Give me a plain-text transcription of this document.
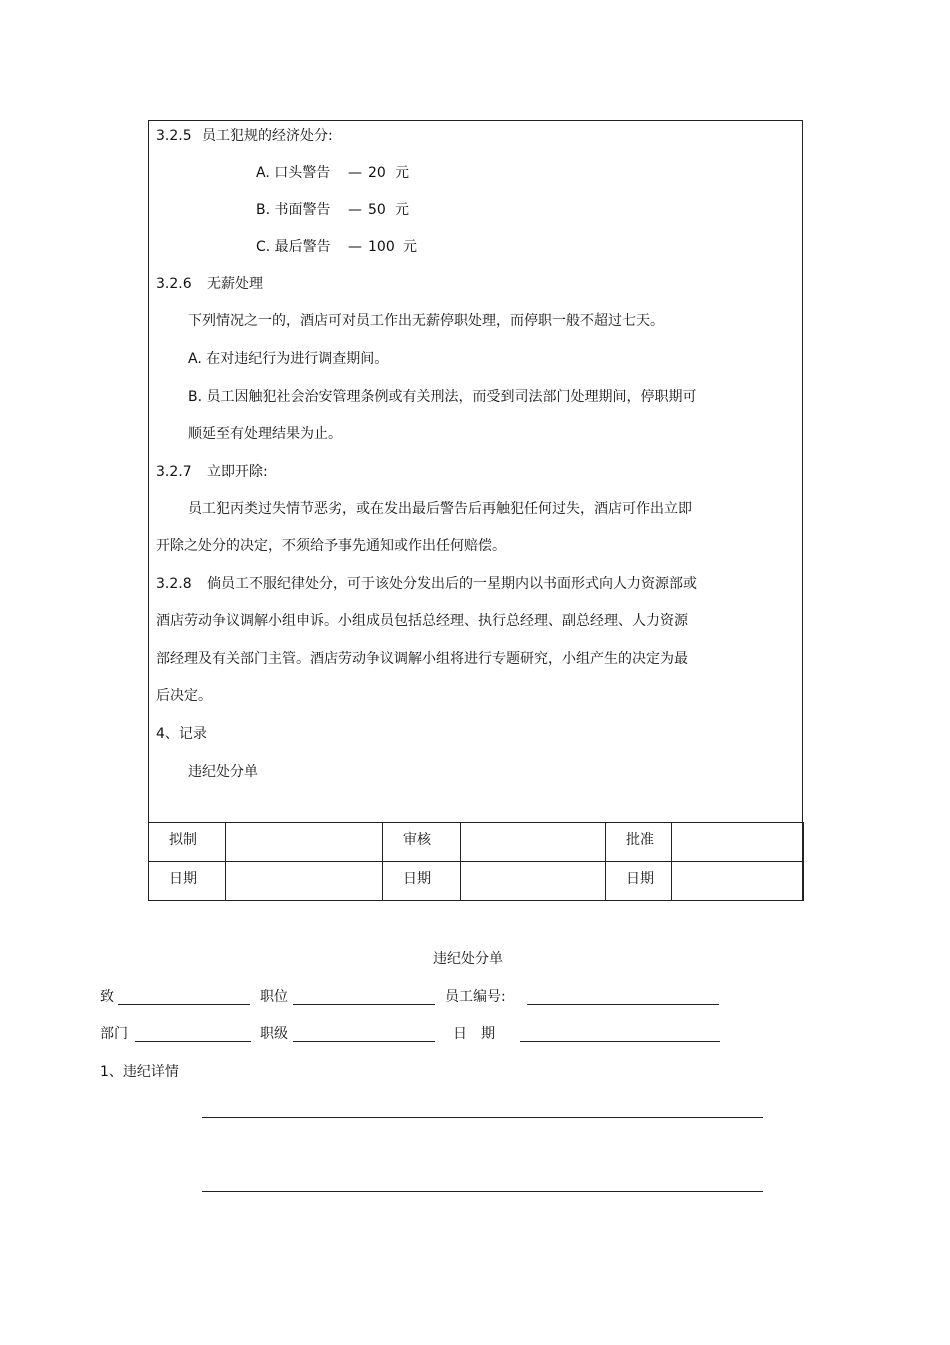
3.2.5 员工犯规的经济处分:
A. 口头警告 — 20 元
B. 书面警告 — 50 元
C. 最后警告 — 100 元
3.2.6 无薪处理
下列情况之一的，酒店可对员工作出无薪停职处理，而停职一般不超过七天。
A. 在对违纪行为进行调查期间。
B. 员工因触犯社会治安管理条例或有关刑法，而受到司法部门处理期间，停职期可
顺延至有处理结果为止。
3.2.7 立即开除:
员工犯丙类过失情节恶劣，或在发出最后警告后再触犯任何过失，酒店可作出立即
开除之处分的决定，不须给予事先通知或作出任何赔偿。
3.2.8 倘员工不服纪律处分，可于该处分发出后的一星期内以书面形式向人力资源部或
酒店劳动争议调解小组申诉。小组成员包括总经理、执行总经理、副总经理、人力资源
部经理及有关部门主管。酒店劳动争议调解小组将进行专题研究，小组产生的决定为最
后决定。
4、记录
违纪处分单
拟制		审核		批准	
日期		日期		日期	
违纪处分单
致	职位	员工编号:
部门	职级	日　期
1、违纪详情
